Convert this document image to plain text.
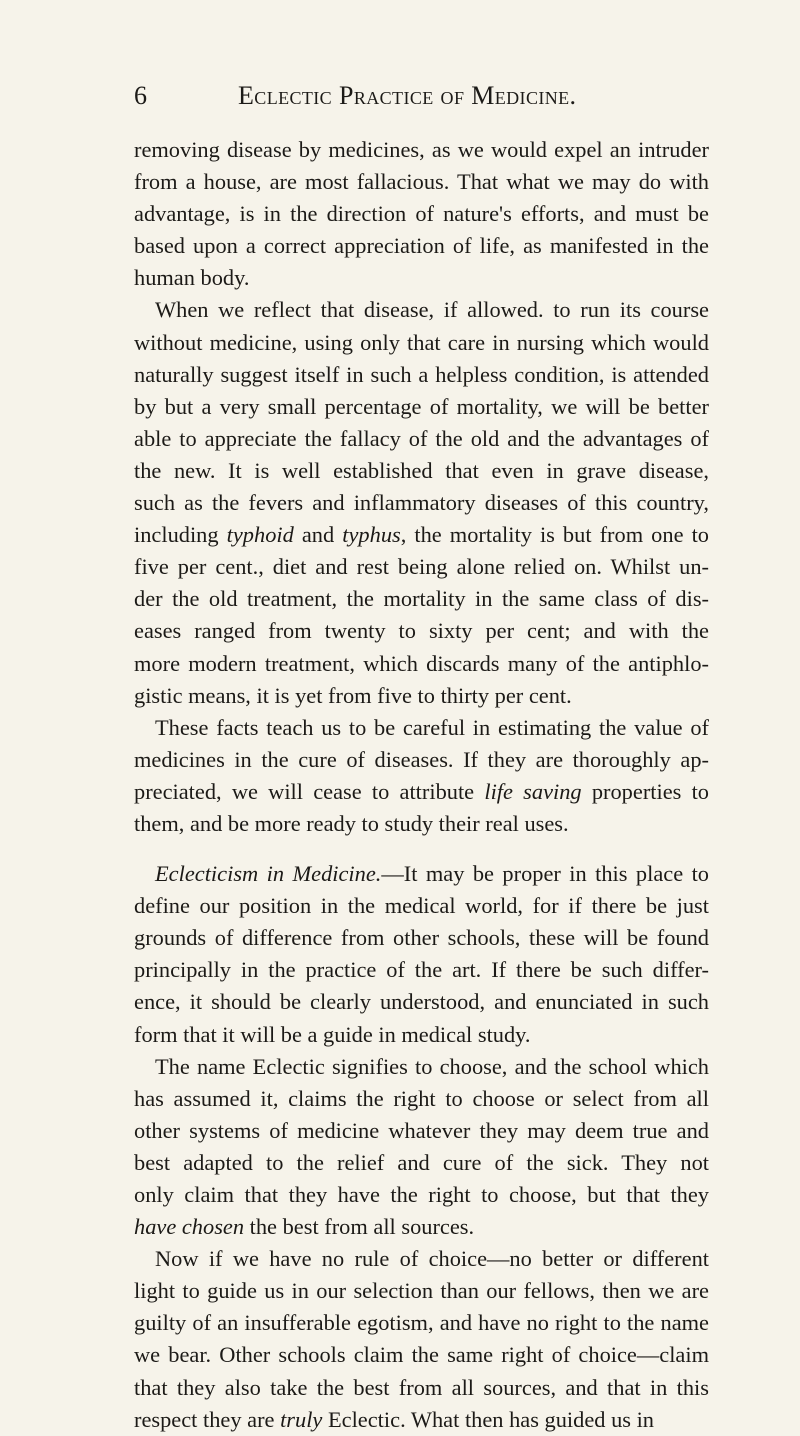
6	Eclectic Practice of Medicine.
removing disease by medicines, as we would expel an intruder
from a house, are most fallacious. That what we may do with
advantage, is in the direction of nature's efforts, and must be
based upon a correct appreciation of life, as manifested in the
human body.
When we reflect that disease, if allowed. to run its course
without medicine, using only that care in nursing which would
naturally suggest itself in such a helpless condition, is attended
by but a very small percentage of mortality, we will be better
able to appreciate the fallacy of the old and the advantages of
the new. It is well established that even in grave disease,
such as the fevers and inflammatory diseases of this country,
including typhoid and typhus, the mortality is but from one to
five per cent., diet and rest being alone relied on. Whilst un-
der the old treatment, the mortality in the same class of dis-
eases ranged from twenty to sixty per cent; and with the
more modern treatment, which discards many of the antiphlo-
gistic means, it is yet from five to thirty per cent.
These facts teach us to be careful in estimating the value of
medicines in the cure of diseases. If they are thoroughly ap-
preciated, we will cease to attribute life saving properties to
them, and be more ready to study their real uses.
Eclecticism in Medicine.—It may be proper in this place to
define our position in the medical world, for if there be just
grounds of difference from other schools, these will be found
principally in the practice of the art. If there be such differ-
ence, it should be clearly understood, and enunciated in such
form that it will be a guide in medical study.
The name Eclectic signifies to choose, and the school which
has assumed it, claims the right to choose or select from all
other systems of medicine whatever they may deem true and
best adapted to the relief and cure of the sick. They not
only claim that they have the right to choose, but that they
have chosen the best from all sources.
Now if we have no rule of choice—no better or different
light to guide us in our selection than our fellows, then we are
guilty of an insufferable egotism, and have no right to the name
we bear. Other schools claim the same right of choice—claim
that they also take the best from all sources, and that in this
respect they are truly Eclectic. What then has guided us in
